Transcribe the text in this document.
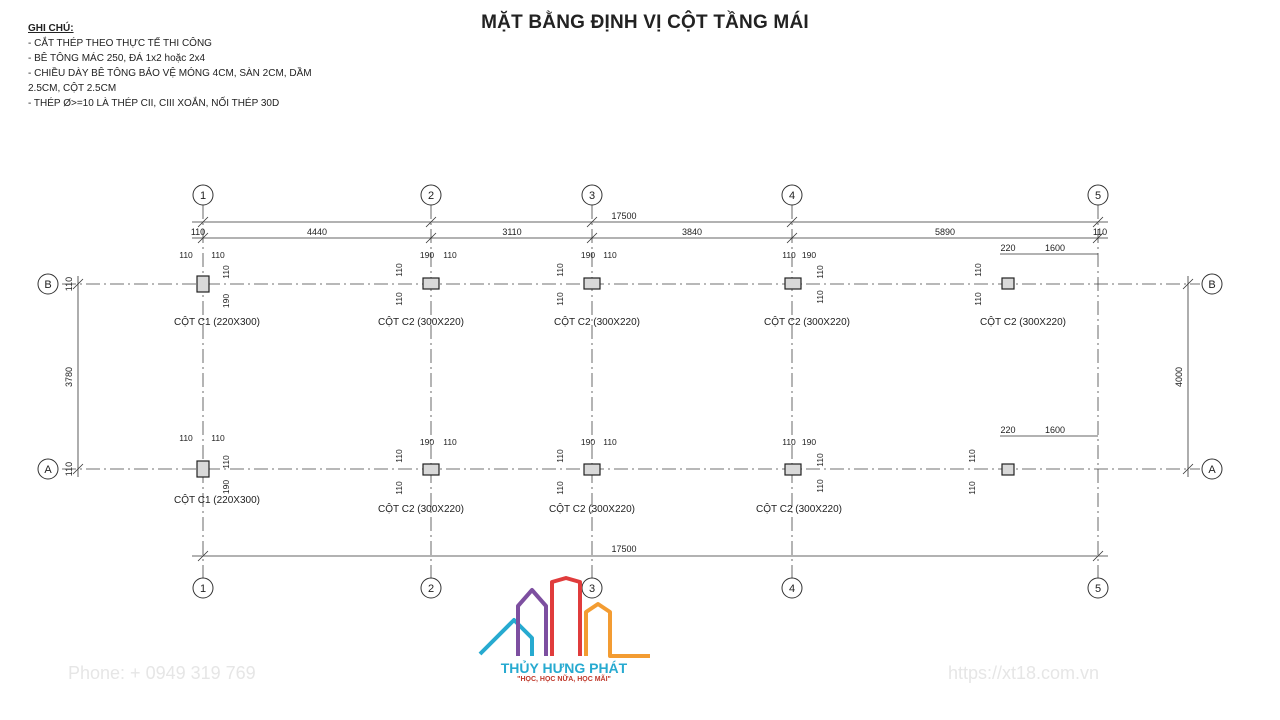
MẶT BẰNG ĐỊNH VỊ CỘT TẦNG MÁI
GHI CHÚ:
- CẮT THÉP THEO THỰC TẾ THI CÔNG
- BÊ TÔNG MÁC 250, ĐÁ 1x2 hoặc 2x4
- CHIỀU DÀY BÊ TÔNG BẢO VỆ MÓNG 4CM, SÀN 2CM, DẦM
2.5CM, CỘT 2.5CM
- THÉP Ø>=10 LÀ THÉP CII, CIII XOẮN, NỐI THÉP 30D
1	2	3	4	5
1	2	3	4	5
B
A
B
A
17500
110	4440	3110	3840	5890	110
17500
220	1600
220	1600
3780	4000
110
110
110 110	190 110	190 110	110 190
110 110	190 110	190 110	110 190
110
190
110
110
110
110
110
110
110
110
110
190
110
110
110
110
110
110
110
110
CỘT C1 (220X300)	CỘT C2 (300X220)	CỘT C2 (300X220)	CỘT C2 (300X220)	CỘT C2 (300X220)
CỘT C1 (220X300)
CỘT C2 (300X220)	CỘT C2 (300X220)	CỘT C2 (300X220)
Phone: + 0949 319 769	https://xt18.com.vn
THỦY HƯNG PHÁT
"HỌC, HỌC NỮA, HỌC MÃI"
